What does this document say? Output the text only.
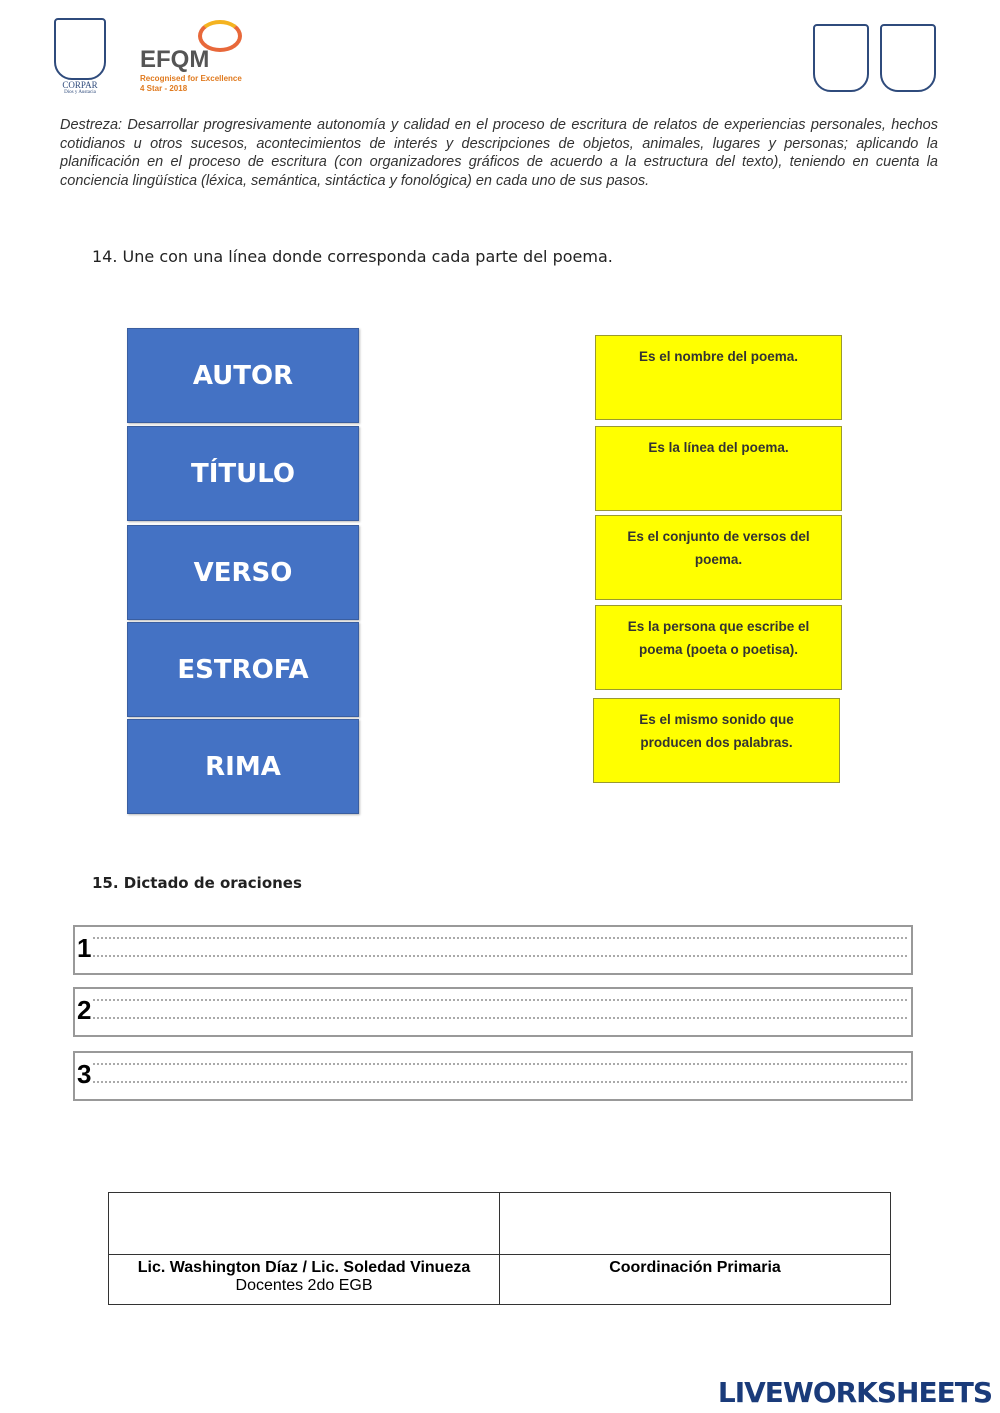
CORPAR
Dios y Austacia
EFQM
Recognised for Excellence
4 Star - 2018
Destreza: Desarrollar progresivamente autonomía y calidad en el proceso de escritura de relatos de experiencias personales, hechos cotidianos u otros sucesos, acontecimientos de interés y descripciones de objetos, animales, lugares y personas; aplicando la planificación en el proceso de escritura (con organizadores gráficos de acuerdo a la estructura del texto), teniendo en cuenta la conciencia lingüística (léxica, semántica, sintáctica y fonológica) en cada uno de sus pasos.
14. Une con una línea donde corresponda cada parte del poema.
AUTOR
TÍTULO
VERSO
ESTROFA
RIMA
Es el nombre del poema.
Es la línea del poema.
Es el conjunto de versos del poema.
Es la persona que escribe el poema (poeta o poetisa).
Es el mismo sonido que producen dos palabras.
15. Dictado de oraciones
1
2
3

Lic. Washington Díaz / Lic. Soledad Vinueza
Docentes 2do EGB	Coordinación Primaria
LIVEWORKSHEETS
